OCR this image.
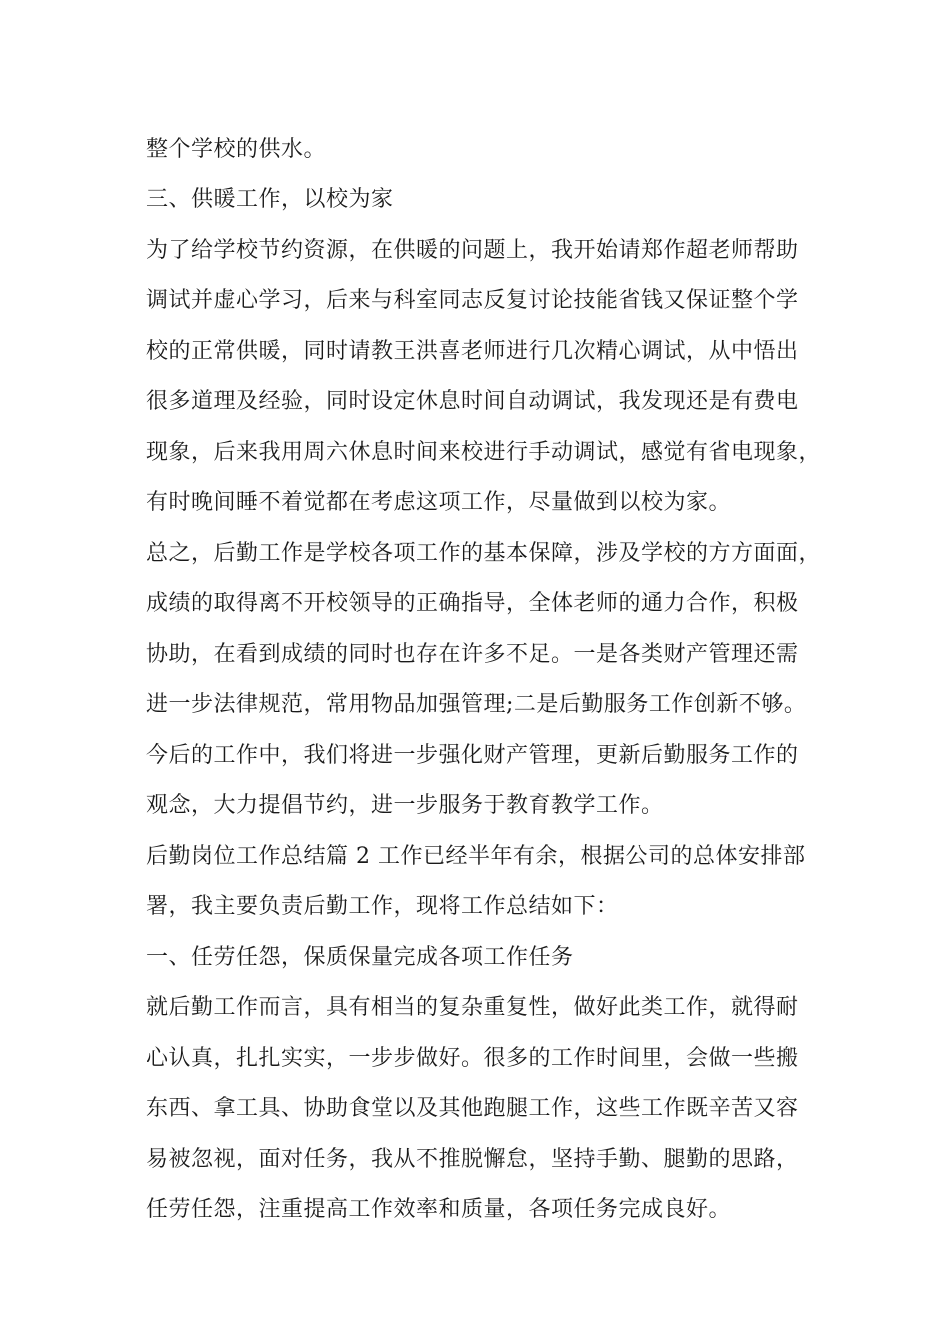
整个学校的供水。

三、供暖工作，以校为家

为了给学校节约资源，在供暖的问题上，我开始请郑作超老师帮助

调试并虚心学习，后来与科室同志反复讨论技能省钱又保证整个学

校的正常供暖，同时请教王洪喜老师进行几次精心调试，从中悟出

很多道理及经验，同时设定休息时间自动调试，我发现还是有费电

现象，后来我用周六休息时间来校进行手动调试，感觉有省电现象，

有时晚间睡不着觉都在考虑这项工作，尽量做到以校为家。

总之，后勤工作是学校各项工作的基本保障，涉及学校的方方面面，

成绩的取得离不开校领导的正确指导，全体老师的通力合作，积极

协助，在看到成绩的同时也存在许多不足。一是各类财产管理还需

进一步法律规范，常用物品加强管理;二是后勤服务工作创新不够。

今后的工作中，我们将进一步强化财产管理，更新后勤服务工作的

观念，大力提倡节约，进一步服务于教育教学工作。

后勤岗位工作总结篇 2 工作已经半年有余，根据公司的总体安排部

署，我主要负责后勤工作，现将工作总结如下：

一、任劳任怨，保质保量完成各项工作任务

就后勤工作而言，具有相当的复杂重复性，做好此类工作，就得耐

心认真，扎扎实实，一步步做好。很多的工作时间里，会做一些搬

东西、拿工具、协助食堂以及其他跑腿工作，这些工作既辛苦又容

易被忽视，面对任务，我从不推脱懈怠，坚持手勤、腿勤的思路，

任劳任怨，注重提高工作效率和质量，各项任务完成良好。
